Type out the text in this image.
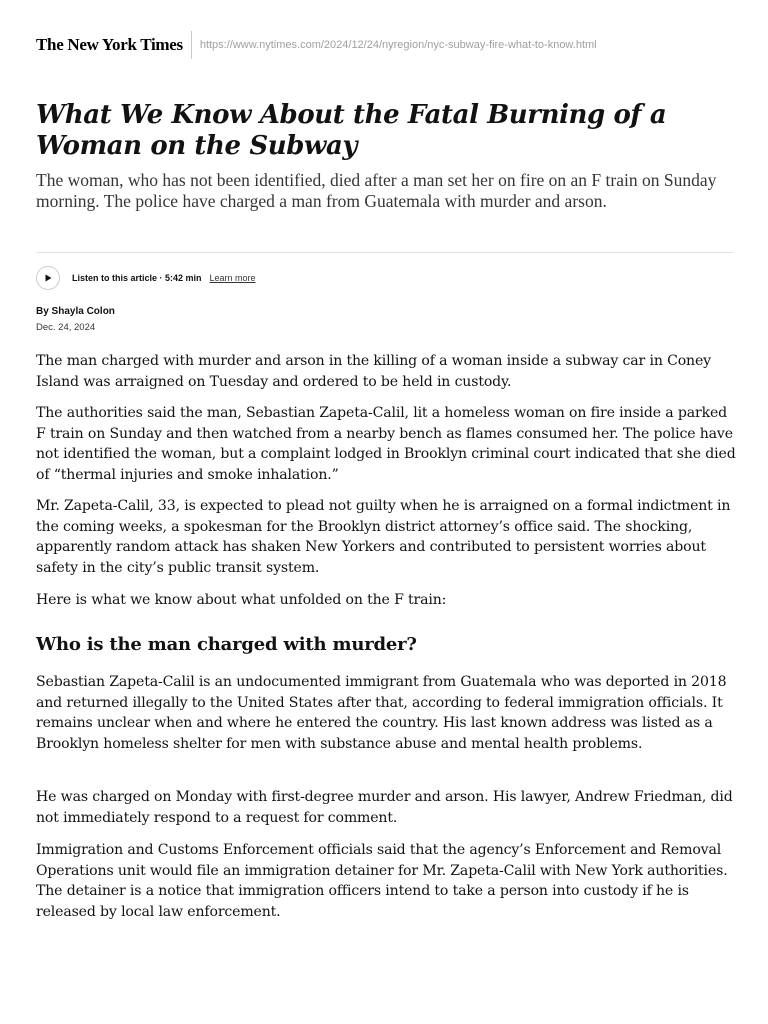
The New York Times	https://www.nytimes.com/2024/12/24/nyregion/nyc-subway-fire-what-to-know.html
What We Know About the Fatal Burning of a Woman on the Subway

The woman, who has not been identified, died after a man set her on fire on an F train on Sunday morning. The police have charged a man from Guatemala with murder and arson.

Listen to this article · 5:42 min Learn more
By Shayla Colon
Dec. 24, 2024

The man charged with murder and arson in the killing of a woman inside a subway car in Coney Island was arraigned on Tuesday and ordered to be held in custody.

The authorities said the man, Sebastian Zapeta-Calil, lit a homeless woman on fire inside a parked F train on Sunday and then watched from a nearby bench as flames consumed her. The police have not identified the woman, but a complaint lodged in Brooklyn criminal court indicated that she died of “thermal injuries and smoke inhalation.”

Mr. Zapeta-Calil, 33, is expected to plead not guilty when he is arraigned on a formal indictment in the coming weeks, a spokesman for the Brooklyn district attorney’s office said. The shocking, apparently random attack has shaken New Yorkers and contributed to persistent worries about safety in the city’s public transit system.

Here is what we know about what unfolded on the F train:

Who is the man charged with murder?

Sebastian Zapeta-Calil is an undocumented immigrant from Guatemala who was deported in 2018 and returned illegally to the United States after that, according to federal immigration officials. It remains unclear when and where he entered the country. His last known address was listed as a Brooklyn homeless shelter for men with substance abuse and mental health problems.

He was charged on Monday with first-degree murder and arson. His lawyer, Andrew Friedman, did not immediately respond to a request for comment.

Immigration and Customs Enforcement officials said that the agency’s Enforcement and Removal Operations unit would file an immigration detainer for Mr. Zapeta-Calil with New York authorities. The detainer is a notice that immigration officers intend to take a person into custody if he is released by local law enforcement.
